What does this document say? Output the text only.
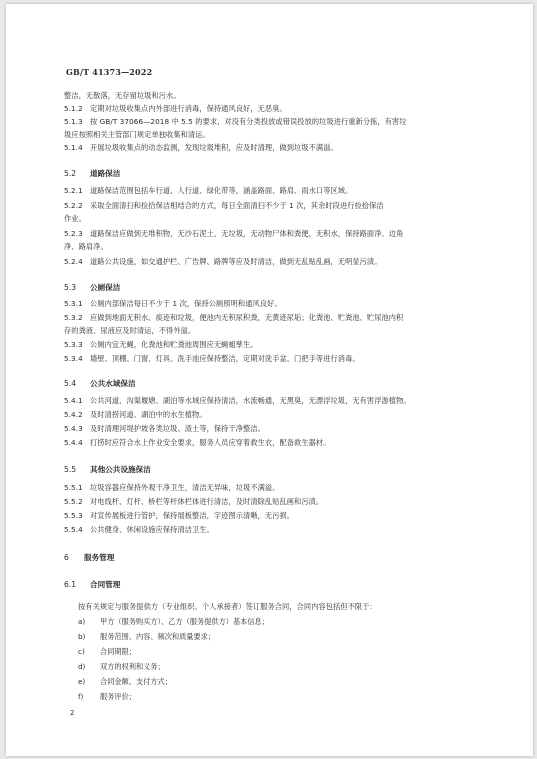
GB/T 41373—2022
整洁，无散落，无存留垃圾和污水。
5.1.2 定期对垃圾收集点内外部进行消毒，保持通风良好，无恶臭。
5.1.3 按 GB/T 37066—2018 中 5.5 的要求，对没有分类投放或错误投放的垃圾进行重新分拣，有害垃
圾应按照相关主管部门规定单独收集和清运。
5.1.4 开展垃圾收集点的动态监测，发现垃圾堆积，应及时清理，做到垃圾不满溢。
5.2 道路保洁
5.2.1 道路保洁范围包括车行道、人行道、绿化带等，涵盖路面、路肩、雨水口等区域。
5.2.2 采取全面清扫和捡拾保洁相结合的方式，每日全面清扫不少于 1 次，其余时段进行捡拾保洁
作业。
5.2.3 道路保洁应做到无堆积物，无沙石泥土，无垃圾，无动物尸体和粪便，无积水，保持路面净、边角
净、路肩净。
5.2.4 道路公共设施，如交通护栏、广告牌、路牌等应及时清洁，做到无乱贴乱画，无明显污渍。
5.3 公厕保洁
5.3.1 公厕内部保洁每日不少于 1 次，保持公厕照明和通风良好。
5.3.2 应做到地面无积水、痰迹和垃圾，便池内无积尿积粪，无黄迹尿垢；化粪池、贮粪池、贮尿池内积
存的粪液、尿液应及时清运，不得外溢。
5.3.3 公厕内宜无蝇，化粪池和贮粪池周围应无蝇蛆孳生。
5.3.4 墙壁、顶棚、门窗、灯具、洗手池应保持整洁，定期对洗手盆、门把手等进行消毒。
5.4 公共水域保洁
5.4.1 公共河道、沟渠堰塘、湖泊等水域应保持清洁，水流畅通，无黑臭，无漂浮垃圾，无有害浮游植物。
5.4.2 及时清捞河道、湖泊中的水生植物。
5.4.3 及时清理河堤护坡各类垃圾、渣土等，保持干净整洁。
5.4.4 打捞时应符合水上作业安全要求，服务人员应穿着救生衣，配备救生器材。
5.5 其他公共设施保洁
5.5.1 垃圾容器应保持外观干净卫生，清洁无异味，垃圾不满溢。
5.5.2 对电线杆、灯杆、桥栏等杆体栏体进行清洁，及时清除乱贴乱画和污渍。
5.5.3 对宣传展板进行管护，保持展板整洁，字迹图示清晰，无污损。
5.5.4 公共健身、休闲设施应保持清洁卫生。
6 服务管理
6.1 合同管理
按有关规定与服务提供方（专业组织、个人承接者）签订服务合同，合同内容包括但不限于：
a) 甲方（服务购买方）、乙方（服务提供方）基本信息；
b) 服务范围、内容、频次和质量要求；
c) 合同期限；
d) 双方的权利和义务；
e) 合同金额、支付方式；
f) 服务评价；
2
